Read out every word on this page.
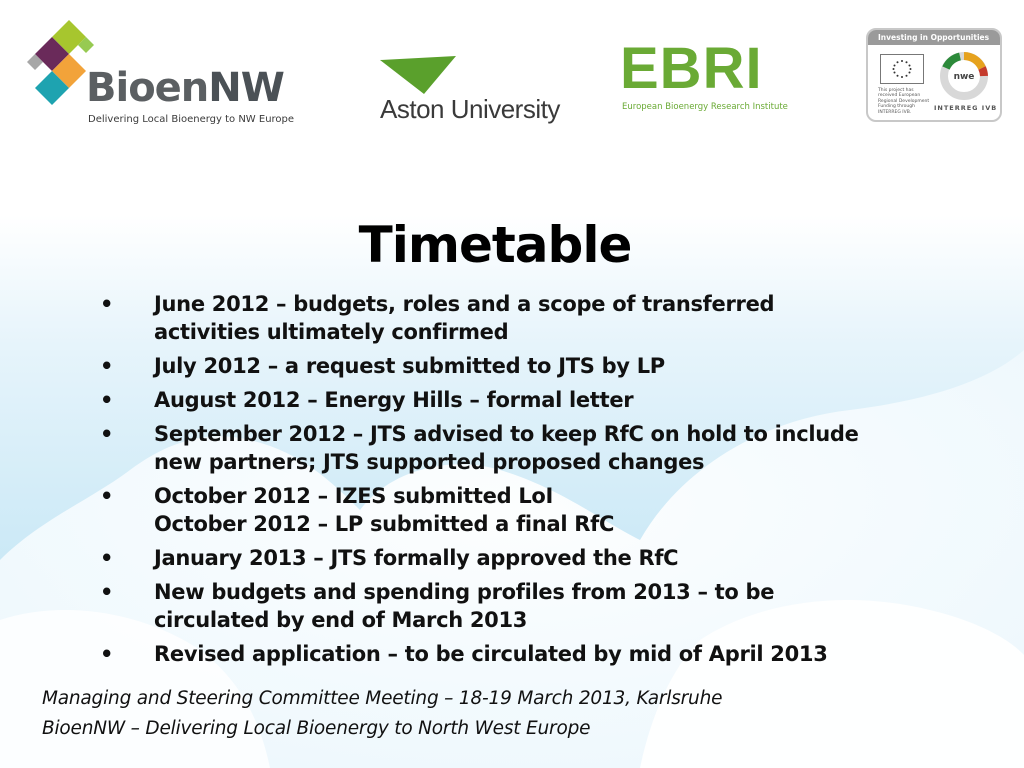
BioenNW
Delivering Local Bioenergy to NW Europe	Aston University
EBRI
European Bioenergy Research Institute
Investing in Opportunities
This project has received European Regional Development Funding through INTERREG IVB.
nwe
INTERREG IVB
Timetable
• June 2012 – budgets, roles and a scope of transferred
activities ultimately confirmed
• July 2012 – a request submitted to JTS by LP
• August 2012 – Energy Hills – formal letter
• September 2012 – JTS advised to keep RfC on hold to include
new partners; JTS supported proposed changes
• October 2012 – IZES submitted LoI
October 2012 – LP submitted a final RfC
• January 2013 – JTS formally approved the RfC
• New budgets and spending profiles from 2013 – to be
circulated by end of March 2013
• Revised application – to be circulated by mid of April 2013
Managing and Steering Committee Meeting – 18-19 March 2013, Karlsruhe
BioenNW – Delivering Local Bioenergy to North West Europe
